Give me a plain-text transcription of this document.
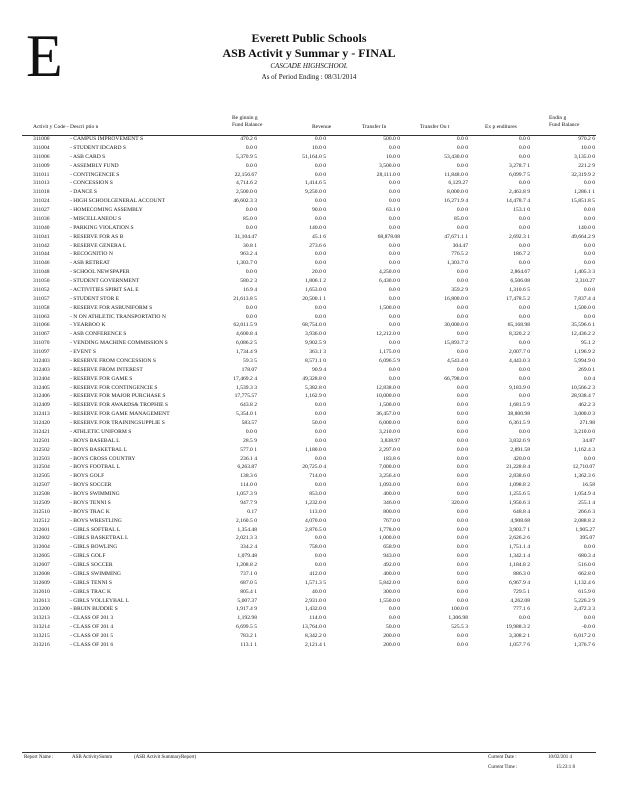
E	Everett Public Schools
ASB Activit y Summar y - FINAL
CASCADE HIGHSCHOOL
As of Period Ending : 08/31/2014
Activit y Code - Descri ptio n
Be ginnin g
Fund Balance	Revenue	Transfer In	Transfer Ou t	Ex p enditures
Endin g
Fund Balance
311000	- CAMPUS IMPROVEMENT S	470.2 6	0.0 0	500.0 0	0.0 0	0.0 0	970.2 6
311004	- STUDENT IDCARD S	0.0 0	10.0 0	0.0 0	0.0 0	0.0 0	10.0 0
311006	- ASB CARD S	5,370.9 5	51,164.0 5	10.0 0	53,430.0 0	0.0 0	3,135.0 0
311009	- ASSEMBLY FUND	0.0 0	0.0 0	3,500.0 0	0.0 0	3,278.7 1	221.2 9
311011	- CONTINGENCIE S	22,156.67	0.0 0	28,111.0 0	11,848.0 0	6,099.7 5	32,319.9 2
311013	- CONCESSION S	4,714.6 2	1,414.6 5	0.0 0	6,129.27	0.0 0	0.0 0
311018	- DANCE S	2,500.0 0	9,250.0 0	0.0 0	8,000.0 0	2,463.8 9	1,286.1 1
311024	- HIGH SCHOOLGENERAL ACCOUNT	46,602.3 3	0.0 0	0.0 0	16,271.9 4	14,478.7 4	15,851.8 5
311027	- HOMECOMING ASSEMBLY	0.0 0	90.0 0	63.1 0	0.0 0	153.1 0	0.0 0
311036	- MISCELLANEOU S	85.0 0	0.0 0	0.0 0	85.0 0	0.0 0	0.0 0
311040	- PARKING VIOLATION S	0.0 0	140.0 0	0.0 0	0.0 0	0.0 0	140.0 0
311041	- RESERVE FOR AS B	31,104.47	45.1 6	68,878.08	47,671.1 1	2,692.3 1	49,664.2 9
311042	- RESERVE GENERA L	30.8 1	273.6 6	0.0 0	304.47	0.0 0	0.0 0
311044	- RECOGNITIO N	963.2 4	0.0 0	0.0 0	776.5 2	186.7 2	0.0 0
311046	- ASB RETREAT	1,303.7 0	0.0 0	0.0 0	1,303.7 0	0.0 0	0.0 0
311048	- SCHOOL NEWSPAPER	0.0 0	20.0 0	4,250.0 0	0.0 0	2,864.67	1,405.3 3
311050	- STUDENT GOVERNMENT	580.2 3	1,806.1 2	6,430.0 0	0.0 0	6,506.08	2,310.27
311052	- ACTIVITIES SPIRIT SAL E	16.9 4	1,653.0 0	0.0 0	359.2 9	1,310.6 5	0.0 0
311057	- STUDENT STOR E	21,613.8 5	20,500.1 1	0.0 0	16,800.0 0	17,478.5 2	7,837.4 4
311058	- RESERVE FOR ASBUNIFORM S	0.0 0	0.0 0	1,500.0 0	0.0 0	0.0 0	1,500.0 0
311063	- N ON ATHLETIC TRANSPORTATIO N	0.0 0	0.0 0	0.0 0	0.0 0	0.0 0	0.0 0
311066	- YEARBOO K	62,011.5 9	68,754.0 0	0.0 0	30,000.0 0	65,168.98	35,596.6 1
311067	- ASB CONFERENCE S	4,600.8 4	3,936.0 0	12,212.0 0	0.0 0	8,320.2 2	12,436.2 2
311070	- VENDING MACHINE COMMISSION S	6,086.2 5	9,902.5 9	0.0 0	15,893.7 2	0.0 0	95.1 2
311097	- EVENT S	1,734.4 9	363.1 3	1,175.0 0	0.0 0	2,007.7 0	1,196.9 2
312403	- RESERVE FROM CONCESSION S	59.3 5	8,571.1 0	6,096.5 9	4,543.4 0	4,443.0 3	5,994.9 0
312403	- RESERVE FROM INTEREST	178.07	90.9 4	0.0 0	0.0 0	0.0 0	269.0 1
312404	- RESERVE FOR GAME S	17,469.2 4	49,328.8 0	0.0 0	66,798.0 0	0.0 0	0.0 4
312405	- RESERVE FOR CONTINGENCIE S	1,539.3 3	5,382.8 0	12,838.0 0	0.0 0	9,183.9 0	10,566.2 3
312406	- RESERVE FOR MAJOR PURCHASE S	17,775.57	1,162.9 0	10,000.0 0	0.0 0	0.0 0	28,938.4 7
312409	- RESERVE FOR AWARDS& TROPHIE S	643.8 2	0.0 0	1,500.0 0	0.0 0	1,681.5 9	462.2 3
312413	- RESERVE FOR GAME MANAGEMENT	5,354.0 1	0.0 0	36,457.0 0	0.0 0	38,800.98	3,000.0 3
312420	- RESERVE FOR TRAININGSUPPLIE S	583.57	50.0 0	6,000.0 0	0.0 0	6,361.5 9	271.98
312421	- ATHLETIC UNIFORM S	0.0 0	0.0 0	3,210.0 0	0.0 0	0.0 0	3,210.0 0
312501	- BOYS BASEBAL L	28.5 9	0.0 0	3,838.97	0.0 0	3,832.6 9	34.87
312502	- BOYS BASKETBAL L	577.0 1	1,180.0 0	2,297.0 0	0.0 0	2,891.58	1,162.4 3
312503	- BOYS CROSS COUNTRY	236.1 4	0.0 0	183.8 6	0.0 0	420.0 0	0.0 0
312504	- BOYS FOOTBAL L	6,263.87	20,725.0 4	7,000.0 0	0.0 0	21,228.8 4	12,710.07
312505	- BOYS GOLF	138.3 6	714.0 0	3,256.4 0	0.0 0	2,838.6 0	1,362.3 6
312507	- BOYS SOCCER	114.0 0	0.0 0	1,093.0 0	0.0 0	1,098.8 2	16.58
312508	- BOYS SWIMMING	1,057.3 9	853.0 0	400.0 0	0.0 0	1,255.6 5	1,054.9 4
312509	- BOYS TENNI S	947.7 9	1,232.0 0	346.0 0	320.0 0	1,950.6 3	255.1 4
312510	- BOYS TRAC K	0.17	113.0 0	800.0 0	0.0 0	648.8 4	266.6 3
312512	- BOYS WRESTLING	2,160.5 0	4,070.0 0	767.0 0	0.0 0	4,908.68	2,088.8 2
312601	- GIRLS SOFTBAL L	1,354.48	2,876.5 0	1,778.0 0	0.0 0	3,903.7 1	1,905.27
312602	- GIRLS BASKETBAL L	2,021.3 3	0.0 0	1,000.0 0	0.0 0	2,626.2 6	395.07
312604	- GIRLS BOWLING	334.2 4	758.0 0	658.9 0	0.0 0	1,751.1 4	0.0 0
312605	- GIRLS GOLF	1,079.48	0.0 0	943.0 0	0.0 0	1,342.1 4	680.3 4
312607	- GIRLS SOCCER	1,208.8 2	0.0 0	492.0 0	0.0 0	1,184.8 2	516.0 0
312608	- GIRLS SWIMMING	737.1 0	412.0 0	400.0 0	0.0 0	886.3 0	662.8 0
312609	- GIRLS TENNI S	687.0 5	1,571.3 5	5,842.0 0	0.0 0	6,967.9 4	1,132.4 6
312610	- GIRLS TRAC K	805.4 1	40.0 0	300.0 0	0.0 0	729.5 1	615.9 0
312613	- GIRLS VOLLEYBAL L	5,007.37	2,931.0 0	1,550.0 0	0.0 0	4,262.08	5,226.2 9
313200	- BRUIN BUDDIE S	1,917.4 9	1,432.0 0	0.0 0	100.0 0	777.1 6	2,472.3 3
313213	- CLASS OF 201 3	1,192.98	114.0 0	0.0 0	1,306.98	0.0 0	0.0 0
313214	- CLASS OF 201 4	6,699.5 5	13,764.0 0	50.0 0	525.5 3	19,988.3 2	-0.0 0
313215	- CLASS OF 201 5	783.2 1	8,342.2 0	200.0 0	0.0 0	3,308.2 1	6,017.2 0
313216	- CLASS OF 201 6	113.1 1	2,121.4 1	200.0 0	0.0 0	1,057.7 6	1,376.7 6
Report Name :	ASB ActivitySumm	(ASB Activit SummaryReport)	Current Date :	10/02/201 4
Current Time :	15:23:1 8
